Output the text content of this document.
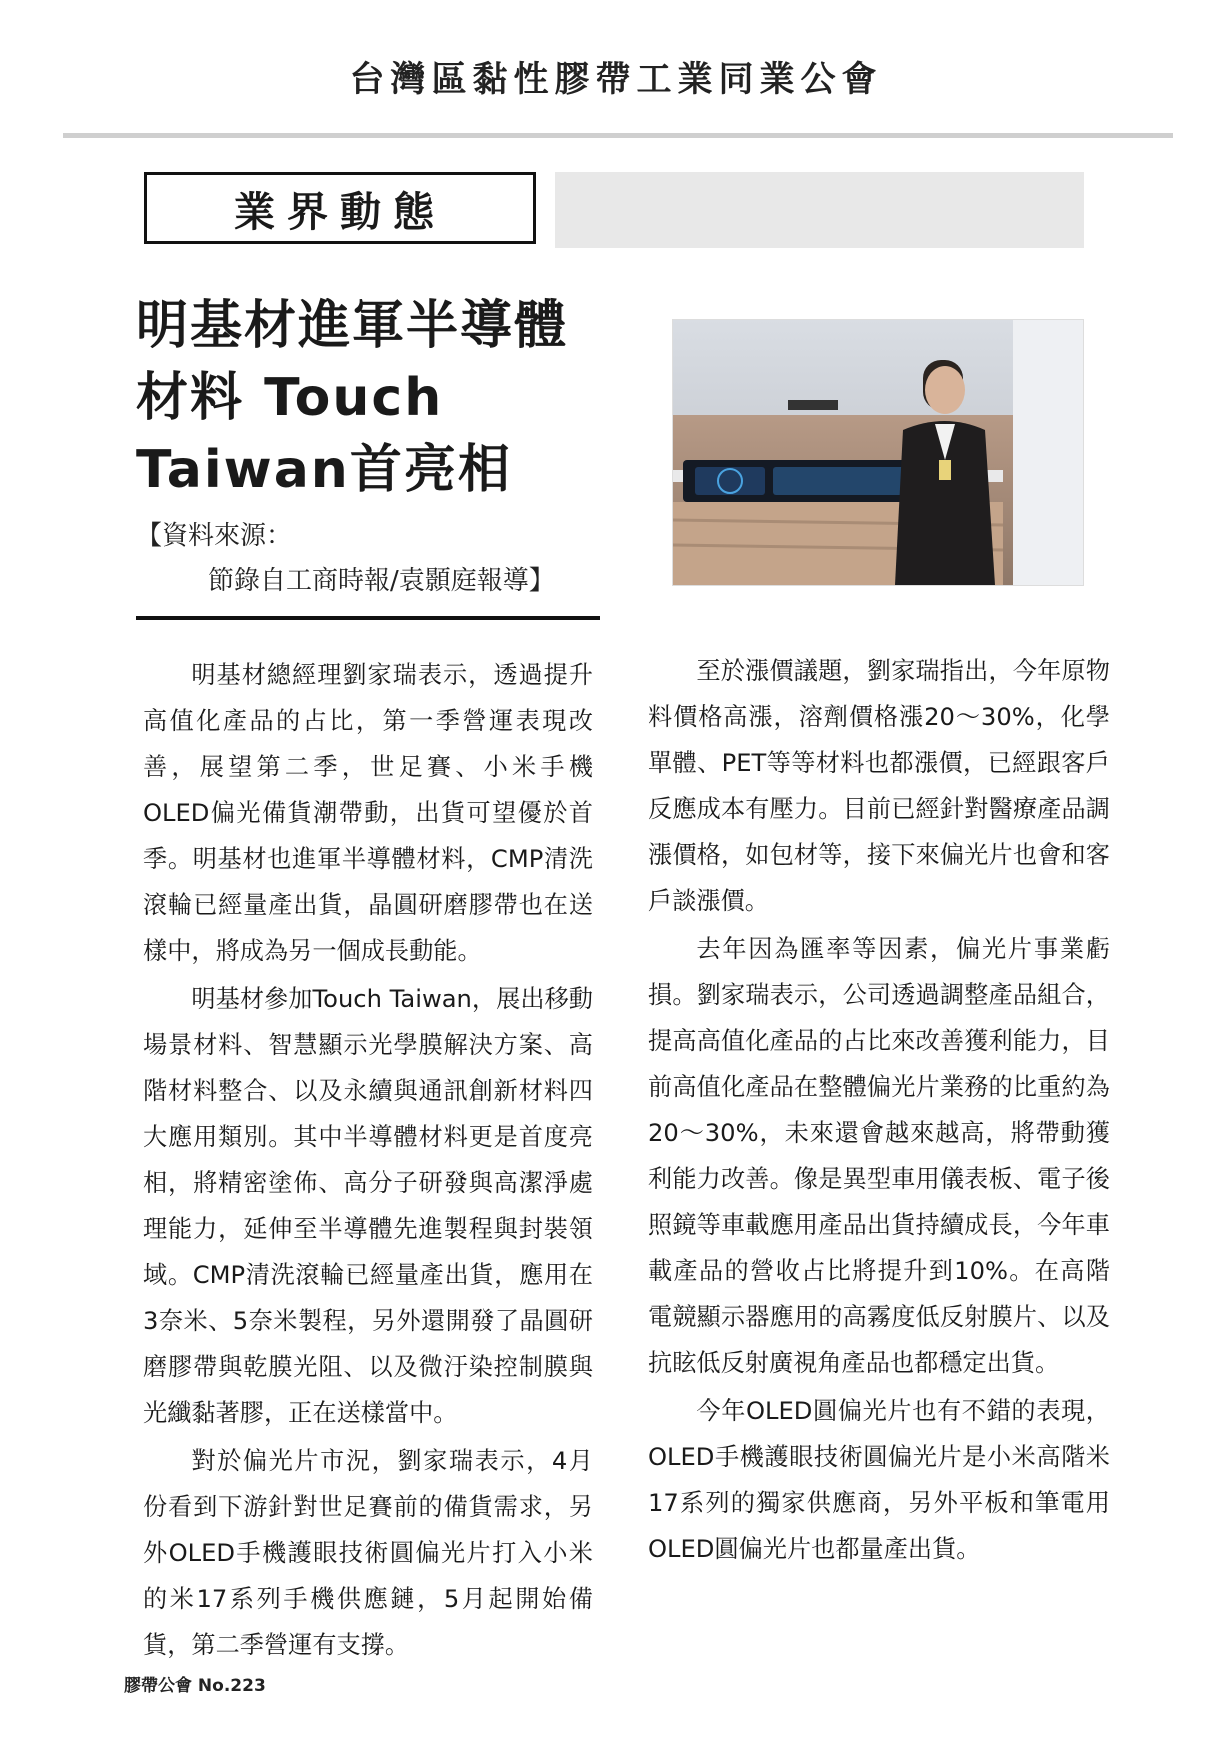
台灣區黏性膠帶工業同業公會
業界動態
明基材進軍半導體
材料 Touch
Taiwan首亮相
【資料來源：
節錄自工商時報/袁顥庭報導】

明基材總經理劉家瑞表示，透過提升高值化產品的占比，第一季營運表現改善，展望第二季，世足賽、小米手機OLED偏光備貨潮帶動，出貨可望優於首季。明基材也進軍半導體材料，CMP清洗滾輪已經量產出貨，晶圓研磨膠帶也在送樣中，將成為另一個成長動能。

明基材參加Touch Taiwan，展出移動場景材料、智慧顯示光學膜解決方案、高階材料整合、以及永續與通訊創新材料四大應用類別。其中半導體材料更是首度亮相，將精密塗佈、高分子研發與高潔淨處理能力，延伸至半導體先進製程與封裝領域。CMP清洗滾輪已經量產出貨，應用在3奈米、5奈米製程，另外還開發了晶圓研磨膠帶與乾膜光阻、以及微汙染控制膜與光纖黏著膠，正在送樣當中。

對於偏光片市況，劉家瑞表示，4月份看到下游針對世足賽前的備貨需求，另外OLED手機護眼技術圓偏光片打入小米的米17系列手機供應鏈，5月起開始備貨，第二季營運有支撐。

至於漲價議題，劉家瑞指出，今年原物料價格高漲，溶劑價格漲20～30%，化學單體、PET等等材料也都漲價，已經跟客戶反應成本有壓力。目前已經針對醫療產品調漲價格，如包材等，接下來偏光片也會和客戶談漲價。

去年因為匯率等因素，偏光片事業虧損。劉家瑞表示，公司透過調整產品組合，提高高值化產品的占比來改善獲利能力，目前高值化產品在整體偏光片業務的比重約為20～30%，未來還會越來越高，將帶動獲利能力改善。像是異型車用儀表板、電子後照鏡等車載應用產品出貨持續成長，今年車載產品的營收占比將提升到10%。在高階電競顯示器應用的高霧度低反射膜片、以及抗眩低反射廣視角產品也都穩定出貨。

今年OLED圓偏光片也有不錯的表現，OLED手機護眼技術圓偏光片是小米高階米17系列的獨家供應商，另外平板和筆電用OLED圓偏光片也都量產出貨。

膠帶公會 No.223
